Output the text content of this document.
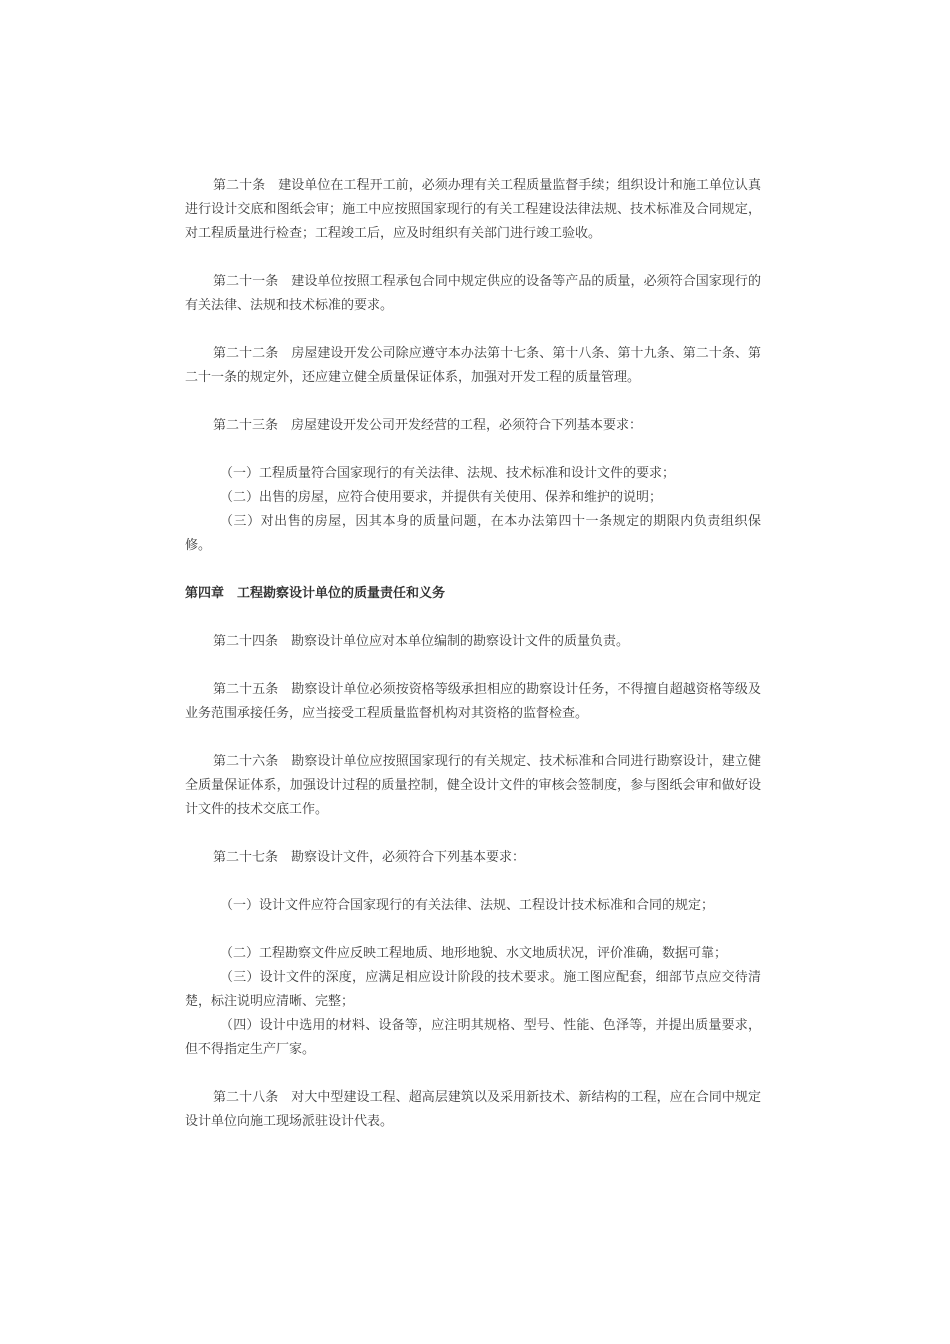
第二十条　建设单位在工程开工前，必须办理有关工程质量监督手续；组织设计和施工单位认真进行设计交底和图纸会审；施工中应按照国家现行的有关工程建设法律法规、技术标准及合同规定，对工程质量进行检查；工程竣工后，应及时组织有关部门进行竣工验收。

第二十一条　建设单位按照工程承包合同中规定供应的设备等产品的质量，必须符合国家现行的有关法律、法规和技术标准的要求。

第二十二条　房屋建设开发公司除应遵守本办法第十七条、第十八条、第十九条、第二十条、第二十一条的规定外，还应建立健全质量保证体系，加强对开发工程的质量管理。

第二十三条　房屋建设开发公司开发经营的工程，必须符合下列基本要求：

（一）工程质量符合国家现行的有关法律、法规、技术标准和设计文件的要求；

（二）出售的房屋，应符合使用要求，并提供有关使用、保养和维护的说明；

（三）对出售的房屋，因其本身的质量问题，在本办法第四十一条规定的期限内负责组织保修。

第四章　工程勘察设计单位的质量责任和义务

第二十四条　勘察设计单位应对本单位编制的勘察设计文件的质量负责。

第二十五条　勘察设计单位必须按资格等级承担相应的勘察设计任务，不得擅自超越资格等级及业务范围承接任务，应当接受工程质量监督机构对其资格的监督检查。

第二十六条　勘察设计单位应按照国家现行的有关规定、技术标准和合同进行勘察设计，建立健全质量保证体系，加强设计过程的质量控制，健全设计文件的审核会签制度，参与图纸会审和做好设计文件的技术交底工作。

第二十七条　勘察设计文件，必须符合下列基本要求：

（一）设计文件应符合国家现行的有关法律、法规、工程设计技术标准和合同的规定；

（二）工程勘察文件应反映工程地质、地形地貌、水文地质状况，评价准确，数据可靠；

（三）设计文件的深度，应满足相应设计阶段的技术要求。施工图应配套，细部节点应交待清楚，标注说明应清晰、完整；

（四）设计中选用的材料、设备等，应注明其规格、型号、性能、色泽等，并提出质量要求，但不得指定生产厂家。

第二十八条　对大中型建设工程、超高层建筑以及采用新技术、新结构的工程，应在合同中规定设计单位向施工现场派驻设计代表。
